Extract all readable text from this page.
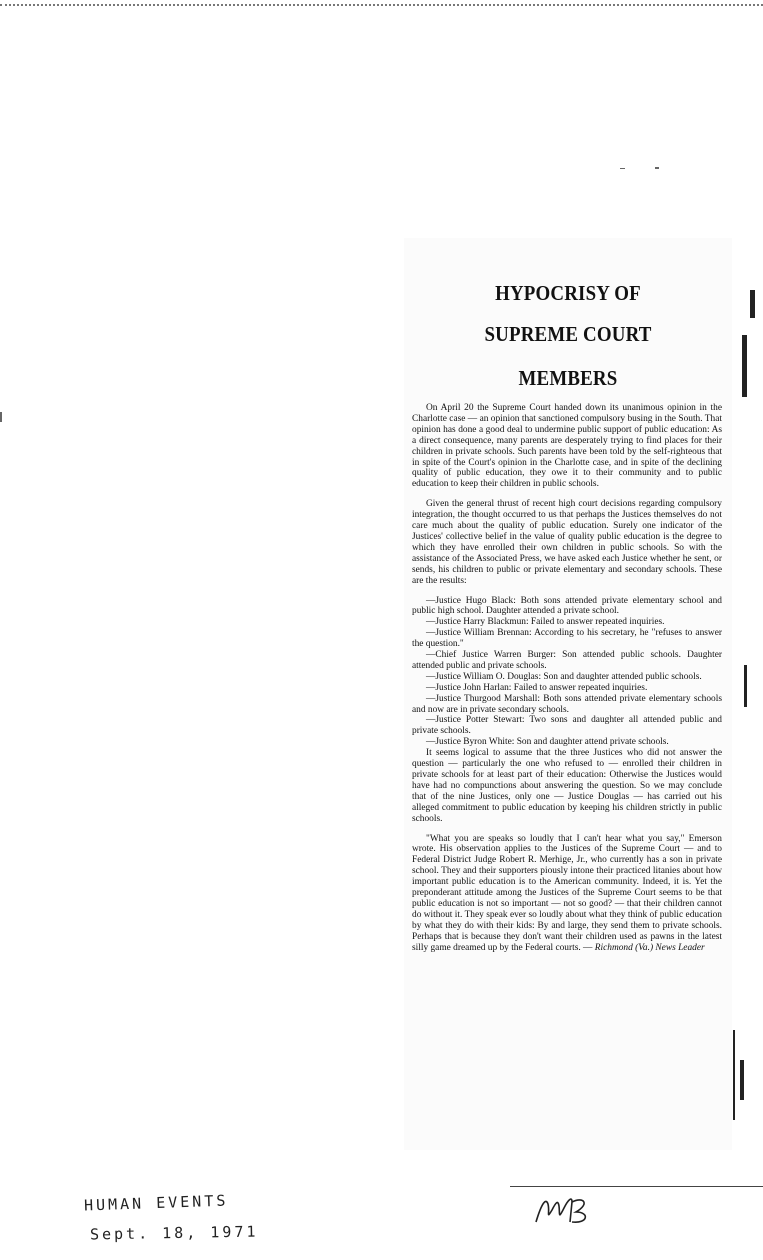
HYPOCRISY OF
SUPREME COURT
MEMBERS

On April 20 the Supreme Court handed down its unanimous opinion in the Charlotte case — an opinion that sanctioned compulsory busing in the South. That opinion has done a good deal to undermine public support of public education: As a direct consequence, many parents are desperately trying to find places for their children in private schools. Such parents have been told by the self-righteous that in spite of the Court's opinion in the Charlotte case, and in spite of the declining quality of public education, they owe it to their community and to public education to keep their children in public schools.

Given the general thrust of recent high court decisions regarding compulsory integration, the thought occurred to us that perhaps the Justices themselves do not care much about the quality of public education. Surely one indicator of the Justices' collective belief in the value of quality public education is the degree to which they have enrolled their own children in public schools. So with the assistance of the Associated Press, we have asked each Justice whether he sent, or sends, his children to public or private elementary and secondary schools. These are the results:

—Justice Hugo Black: Both sons attended private elementary school and public high school. Daughter attended a private school.

—Justice Harry Blackmun: Failed to answer repeated inquiries.

—Justice William Brennan: According to his secretary, he "refuses to answer the question."

—Chief Justice Warren Burger: Son attended public schools. Daughter attended public and private schools.

—Justice William O. Douglas: Son and daughter attended public schools.

—Justice John Harlan: Failed to answer repeated inquiries.

—Justice Thurgood Marshall: Both sons attended private elementary schools and now are in private secondary schools.

—Justice Potter Stewart: Two sons and daughter all attended public and private schools.

—Justice Byron White: Son and daughter attend private schools.

It seems logical to assume that the three Justices who did not answer the question — particularly the one who refused to — enrolled their children in private schools for at least part of their education: Otherwise the Justices would have had no compunctions about answering the question. So we may conclude that of the nine Justices, only one — Justice Douglas — has carried out his alleged commitment to public education by keeping his children strictly in public schools.

"What you are speaks so loudly that I can't hear what you say," Emerson wrote. His observation applies to the Justices of the Supreme Court — and to Federal District Judge Robert R. Merhige, Jr., who currently has a son in private school. They and their supporters piously intone their practiced litanies about how important public education is to the American community. Indeed, it is. Yet the preponderant attitude among the Justices of the Supreme Court seems to be that public education is not so important — not so good? — that their children cannot do without it. They speak ever so loudly about what they think of public education by what they do with their kids: By and large, they send them to private schools. Perhaps that is because they don't want their children used as pawns in the latest silly game dreamed up by the Federal courts. — Richmond (Va.) News Leader

HUMAN EVENTS
Sept. 18, 1971
